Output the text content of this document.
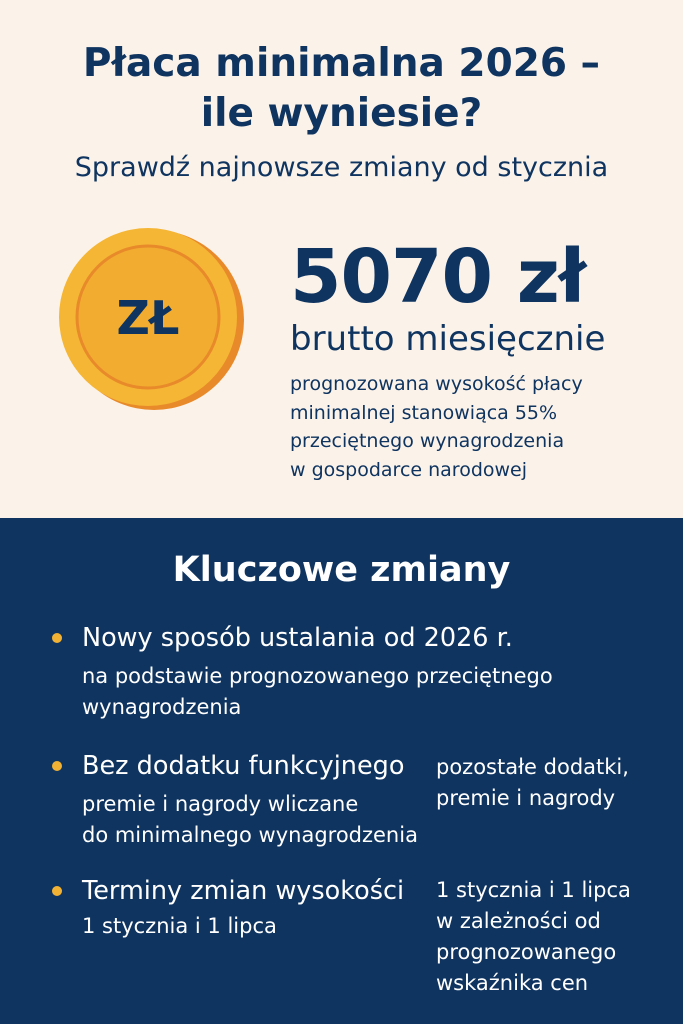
Płaca minimalna 2026 –
ile wyniesie?
Sprawdź najnowsze zmiany od stycznia
ZŁ 5070 zł
brutto miesięcznie
prognozowana wysokość płacy
minimalnej stanowiąca 55%
przeciętnego wynagrodzenia
w gospodarce narodowej
Kluczowe zmiany
Nowy sposób ustalania od 2026 r.
na podstawie prognozowanego przeciętnego
wynagrodzenia
Bez dodatku funkcyjnego
premie i nagrody wliczane
do minimalnego wynagrodzenia
pozostałe dodatki,
premie i nagrody
Terminy zmian wysokości
1 stycznia i 1 lipca
1 stycznia i 1 lipca
w zależności od
prognozowanego
wskaźnika cen
